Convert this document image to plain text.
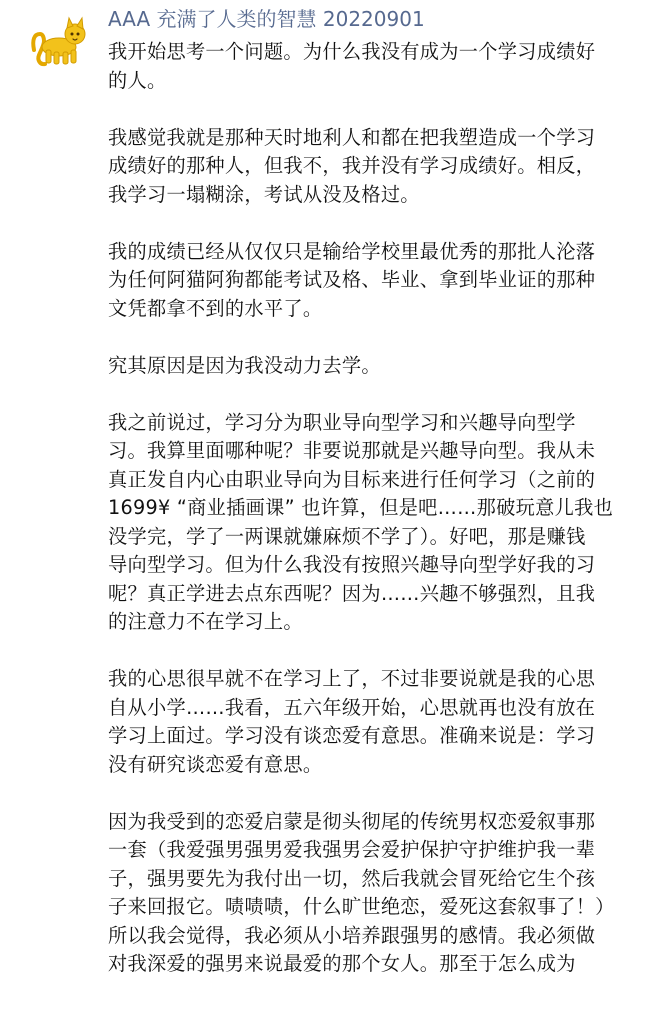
AAA 充满了人类的智慧 20220901
我开始思考一个问题。为什么我没有成为一个学习成绩好
的人。
我感觉我就是那种天时地利人和都在把我塑造成一个学习
成绩好的那种人，但我不，我并没有学习成绩好。相反，
我学习一塌糊涂，考试从没及格过。
我的成绩已经从仅仅只是输给学校里最优秀的那批人沦落
为任何阿猫阿狗都能考试及格、毕业、拿到毕业证的那种
文凭都拿不到的水平了。
究其原因是因为我没动力去学。
我之前说过，学习分为职业导向型学习和兴趣导向型学
习。我算里面哪种呢？非要说那就是兴趣导向型。我从未
真正发自内心由职业导向为目标来进行任何学习（之前的
1699¥ “商业插画课” 也许算，但是吧……那破玩意儿我也
没学完，学了一两课就嫌麻烦不学了）。好吧，那是赚钱
导向型学习。但为什么我没有按照兴趣导向型学好我的习
呢？真正学进去点东西呢？因为……兴趣不够强烈，且我
的注意力不在学习上。
我的心思很早就不在学习上了，不过非要说就是我的心思
自从小学……我看，五六年级开始，心思就再也没有放在
学习上面过。学习没有谈恋爱有意思。准确来说是：学习
没有研究谈恋爱有意思。
因为我受到的恋爱启蒙是彻头彻尾的传统男权恋爱叙事那
一套（我爱强男强男爱我强男会爱护保护守护维护我一辈
子，强男要先为我付出一切，然后我就会冒死给它生个孩
子来回报它。啧啧啧，什么旷世绝恋，爱死这套叙事了！）
所以我会觉得，我必须从小培养跟强男的感情。我必须做
对我深爱的强男来说最爱的那个女人。那至于怎么成为
